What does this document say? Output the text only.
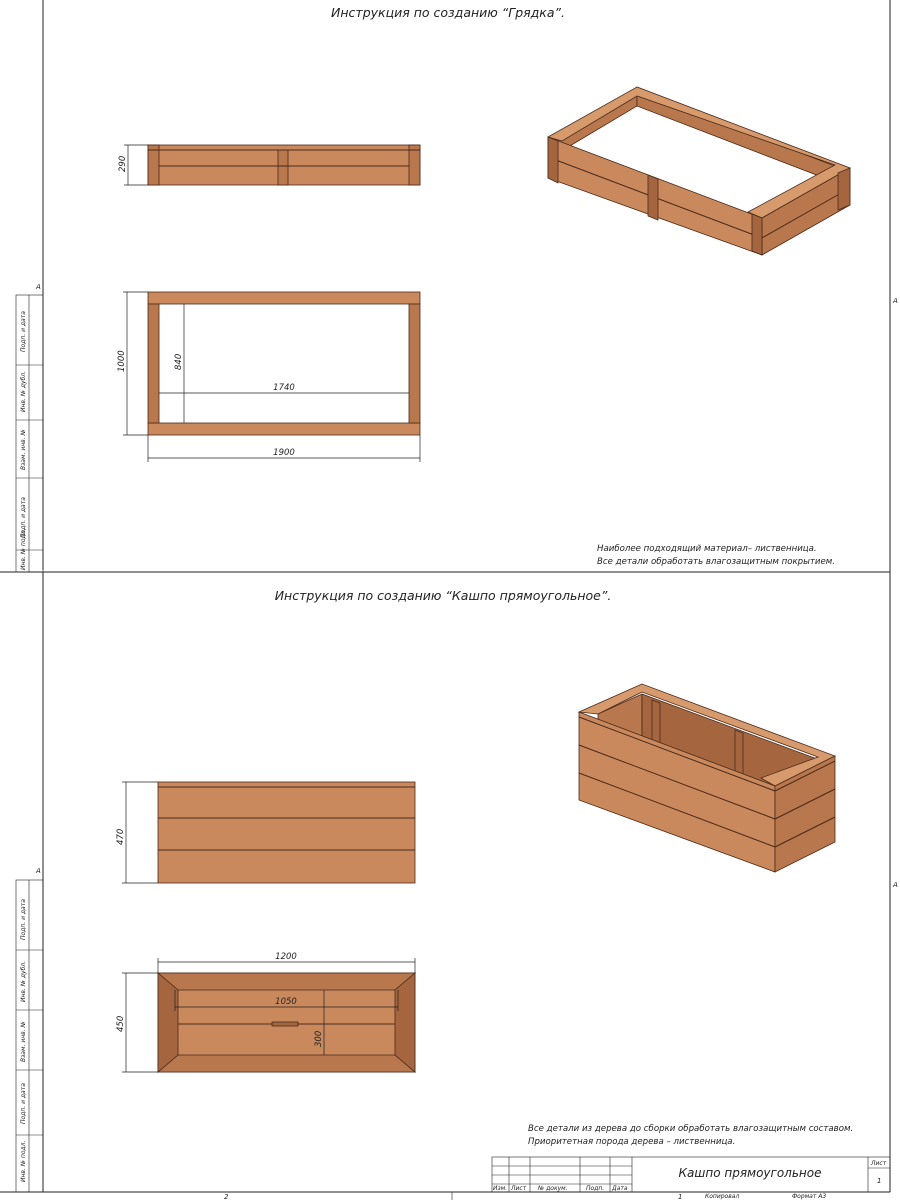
Инструкция по созданию “Грядка”.
Подп. и дата
Инв. № дубл.
Взам. инв. №
Подп. и дата
Инв. № подл.
A
A
290
1000	840
1740
1900
Наиболее подходящий материал– лиственница.
Все детали обработать влагозащитным покрытием.
Инструкция по созданию “Кашпо прямоугольное”.
Подп. и дата
Инв. № дубл.
Взам. инв. №
Подп. и дата
Инв. № подл.
A
A
470
1200
450
1050
300
Все детали из дерева до сборки обработать влагозащитным составом.
Приоритетная порода дерева – лиственница.
Изм. Лист № докум.	Подп. Дата
Кашпо прямоугольное
Лист
1
1	Копировал	Формат А3
2
